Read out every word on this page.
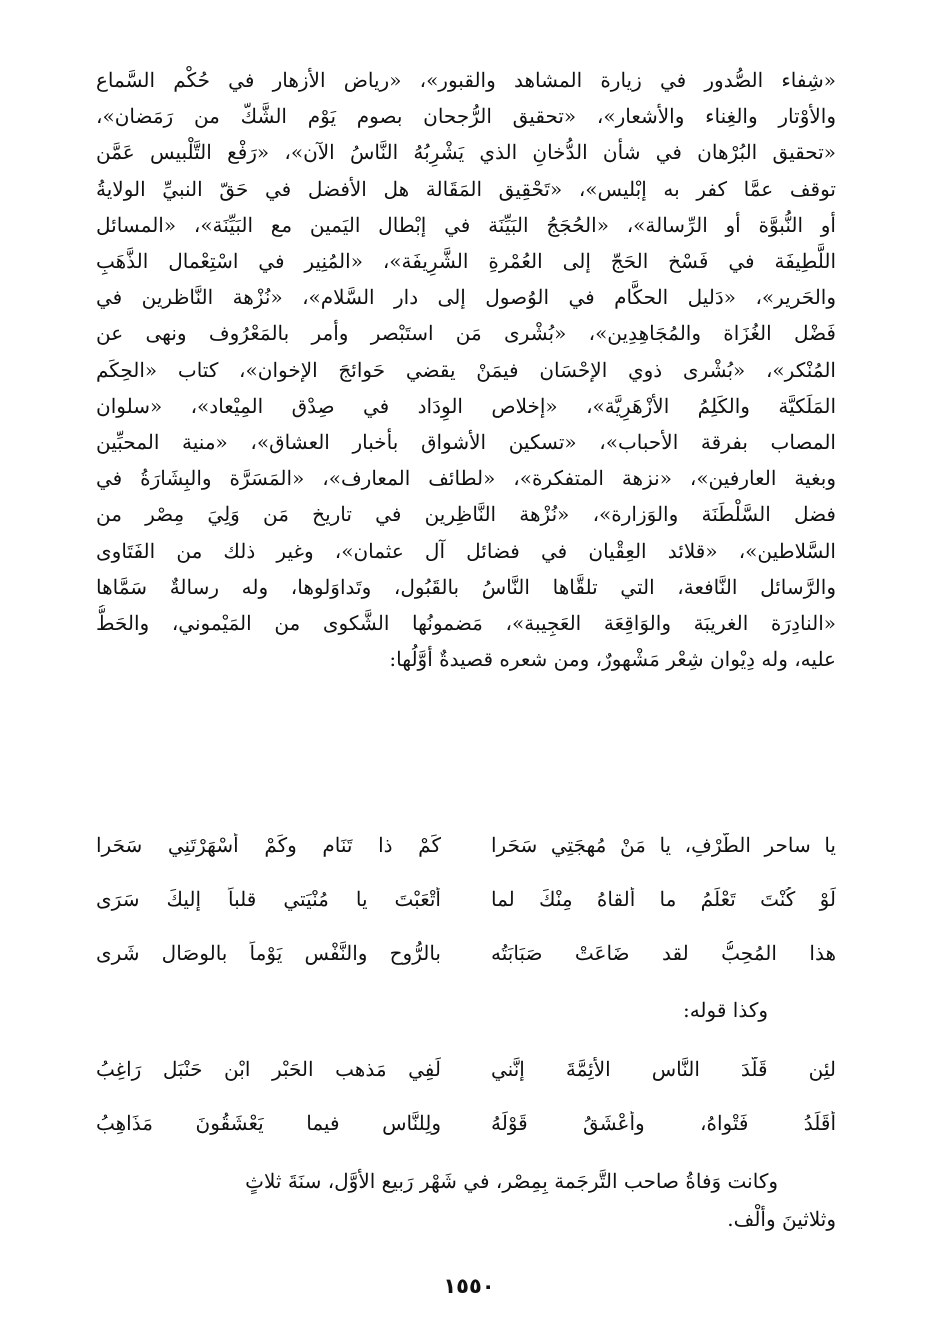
«شِفاء الصُّدور في زيارة المشاهد والقبور»، «رياض الأزهار في حُكْم السَّماع
والأوْتار والغِناء والأشعار»، «تحقيق الرُّجحان بصوم يَوْم الشَّكّ من رَمَضان»،
«تحقيق البُرْهان في شأن الدُّخانِ الذي يَشْرِبُهُ النَّاسُ الآن»، «رَفْع التَّلْبيس عَمَّن
توقف عمَّا كفر به إبْليس»، «تَحْقِيق المَقَالة هل الأفضل في حَقّ النبيِّ الولايةُ
أو النُّبوَّة أو الرِّسالة»، «الحُجَجُ البَيِّنَة في إبْطال اليَمين مع البَيِّنَة»، «المسائل
اللَّطِيفَة في فَسْخ الحَجّ إلى العُمْرةِ الشَّرِيفَة»، «المُنِير في اسْتِعْمال الذَّهَبِ
والحَرير»، «دَليل الحكَّام في الوُصول إلى دار السَّلام»، «نُزْهة النَّاظرين في
فَضْل الغُزَاة والمُجَاهِدِين»، «بُشْرى مَن استَبْصر وأمر بالمَعْرُوف ونهى عن
المُنْكر»، «بُشْرى ذوي الإحْسَان فيمَنْ يقضي حَوائجَ الإخوان»، كتاب «الحِكَم
المَلَكيَّة والكَلِمُ الأزْهَرِيَّة»، «إخلاص الوِدَاد في صِدْق المِيْعاد»، «سلوان
المصاب بفرقة الأحباب»، «تسكين الأشواق بأخبار العشاق»، «منية المحبِّين
وبغية العارفين»، «نزهة المتفكرة»، «لطائف المعارف»، «المَسَرَّة والبِشَارَةُ في
فضل السَّلْطَنَة والوَزارة»، «نُزْهة النَّاظِرين في تاريخ مَن وَلِيَ مِصْر من
السَّلاطين»، «قلائد العِقْيان في فضائل آل عثمان»، وغير ذلك من الفَتَاوى
والرَّسائل النَّافعة، التي تلقَّاها النَّاسُ بالقَبُول، وتَداوَلوها، وله رسالةٌ سَمَّاها
«النادِرَة الغريبَة والوَاقِعَة العَجِيبة»، مَضمونُها الشَّكوى من المَيْموني، والحَطُّ
عليه، وله دِيْوان شِعْر مَشْهورٌ، ومن شعره قصيدةٌ أوَّلُها:
يا ساحر الطَّرْفِ، يا مَنْ مُهجَتِي سَحَرا
كَمْ ذا تَنَام وكَمْ أسْهَرْتَنِي سَحَرا
لَوْ كُنْتَ تَعْلَمُ ما ألقاهُ مِنْكَ لما
أتْعَبْتَ يا مُنْيَتي قلباً إليكَ سَرَى
هذا المُحِبُّ لقد ضَاعَتْ صَبَابَتُه
بالرُّوح والنَّفْس يَوْماً بالوِصَالِ شَرى
وكذا قوله:
لئِن قَلَّدَ النَّاس الأئِمَّةَ إنَّني
لَفِي مَذهب الحَبْر ابْنِ حَنْبَل رَاغِبُ
أُقَلِّدُ فَتْواهُ، وأعْشَقُ قَوْلَهُ
ولِلنَّاسِ فيما يَعْشَقُونَ مَذَاهِبُ
وكانت وَفاةُ صاحب التَّرجَمة بِمِصْر، في شَهْر رَبيع الأوَّل، سنَةَ ثلاثٍ
وثلاثينَ وألْف.
١٥٥٠
